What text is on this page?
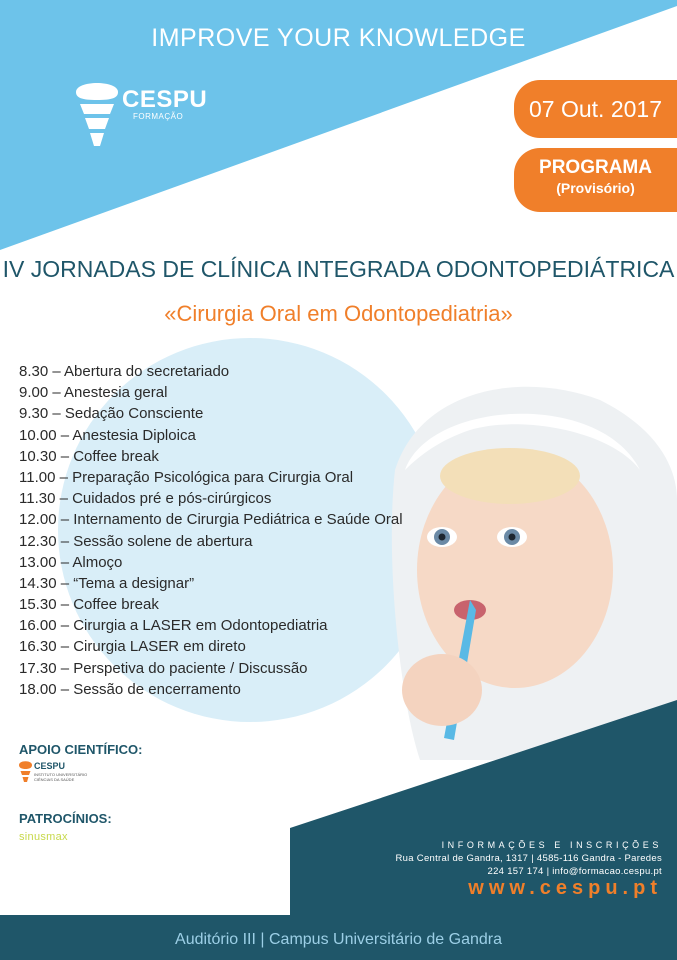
IMPROVE YOUR KNOWLEDGE
CESPU
FORMAÇÃO	07 Out. 2017
PROGRAMA
(Provisório)
IV JORNADAS DE CLÍNICA INTEGRADA ODONTOPEDIÁTRICA
«Cirurgia Oral em Odontopediatria»
8.30 – Abertura do secretariado
9.00 – Anestesia geral
9.30 – Sedação Consciente
10.00 – Anestesia Diploica
10.30 – Coffee break
11.00 – Preparação Psicológica para Cirurgia Oral
11.30 – Cuidados pré e pós-cirúrgicos
12.00 – Internamento de Cirurgia Pediátrica e Saúde Oral
12.30 – Sessão solene de abertura
13.00 – Almoço
14.30 – “Tema a designar”
15.30 – Coffee break
16.00 – Cirurgia a LASER em Odontopediatria
16.30 – Cirurgia LASER em direto
17.30 – Perspetiva do paciente / Discussão
18.00 – Sessão de encerramento
APOIO CIENTÍFICO:
CESPU
INSTITUTO UNIVERSITÁRIO CIÊNCIAS DA SAÚDE
PATROCÍNIOS:
sinusmax
INFORMAÇÕES E INSCRIÇÕES
Rua Central de Gandra, 1317 | 4585-116 Gandra - Paredes
224 157 174 | info@formacao.cespu.pt
www.cespu.pt
Auditório III | Campus Universitário de Gandra
